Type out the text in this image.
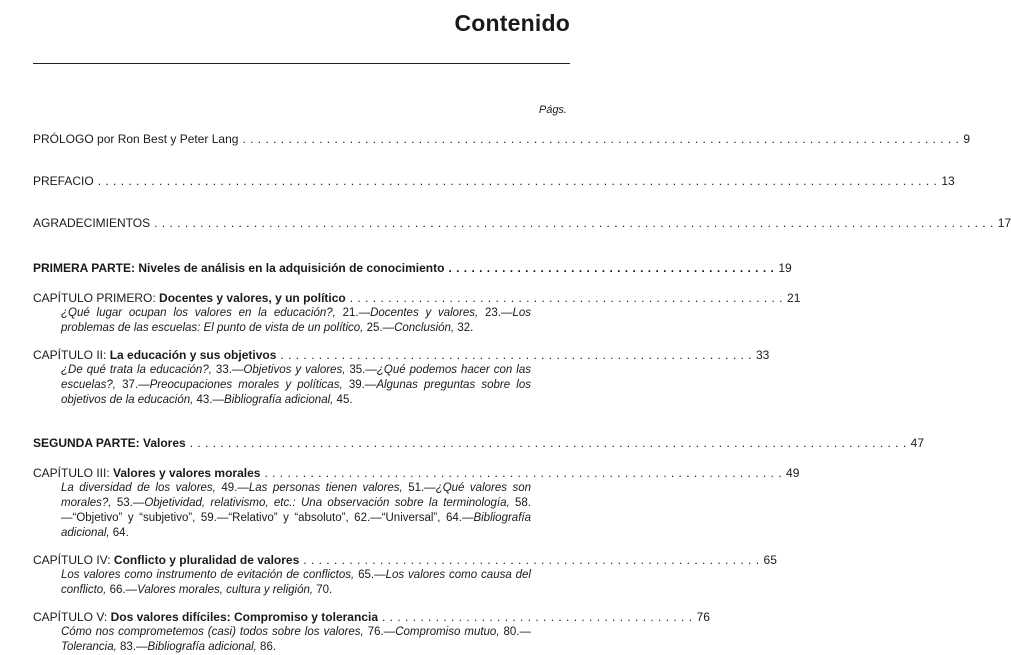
Contenido
Págs.
PRÓLOGO por Ron Best y Peter Lang . . . . . . . . . . . . . . . . . . . . . . . . . . . . . . . . . . . . . . . . . . . . . . . . . . . . . . . . . . . . . . . . . . . . . . . . . . . . . . . . . . . . . . . . . . . . . . 9
PREFACIO . . . . . . . . . . . . . . . . . . . . . . . . . . . . . . . . . . . . . . . . . . . . . . . . . . . . . . . . . . . . . . . . . . . . . . . . . . . . . . . . . . . . . . . . . . . . . . . . . . . . . . . . . . . . . . 13
AGRADECIMIENTOS . . . . . . . . . . . . . . . . . . . . . . . . . . . . . . . . . . . . . . . . . . . . . . . . . . . . . . . . . . . . . . . . . . . . . . . . . . . . . . . . . . . . . . . . . . . . . . . . . . . . . . . . . . . . . . 17
PRIMERA PARTE: Niveles de análisis en la adquisición de conocimiento . . . . . . . . . . . . . . . . . . . . . . . . . . . . . . . . . . . . . . . . . . . 19
CAPÍTULO PRIMERO: Docentes y valores, y un político . . . . . . . . . . . . . . . . . . . . . . . . . . . . . . . . . . . . . . . . . . . . . . . . . . . . . . . . . 21
¿Qué lugar ocupan los valores en la educación?, 21.—Docentes y valores, 23.—Los problemas de las escuelas: El punto de vista de un político, 25.—Conclusión, 32.
CAPÍTULO II: La educación y sus objetivos . . . . . . . . . . . . . . . . . . . . . . . . . . . . . . . . . . . . . . . . . . . . . . . . . . . . . . . . . . . . . . 33
¿De qué trata la educación?, 33.—Objetivos y valores, 35.—¿Qué podemos hacer con las escuelas?, 37.—Preocupaciones morales y políticas, 39.—Algunas preguntas sobre los objetivos de la educación, 43.—Bibliografía adicional, 45.
SEGUNDA PARTE: Valores . . . . . . . . . . . . . . . . . . . . . . . . . . . . . . . . . . . . . . . . . . . . . . . . . . . . . . . . . . . . . . . . . . . . . . . . . . . . . . . . . . . . . . . . . . . . . . 47
CAPÍTULO III: Valores y valores morales . . . . . . . . . . . . . . . . . . . . . . . . . . . . . . . . . . . . . . . . . . . . . . . . . . . . . . . . . . . . . . . . . . . . 49
La diversidad de los valores, 49.—Las personas tienen valores, 51.—¿Qué valores son morales?, 53.—Objetividad, relativismo, etc.: Una observación sobre la terminología, 58.—“Objetivo” y “subjetivo”, 59.—“Relativo” y “absoluto”, 62.—“Universal”, 64.—Bibliografía adicional, 64.
CAPÍTULO IV: Conflicto y pluralidad de valores . . . . . . . . . . . . . . . . . . . . . . . . . . . . . . . . . . . . . . . . . . . . . . . . . . . . . . . . . . . . 65
Los valores como instrumento de evitación de conflictos, 65.—Los valores como causa del conflicto, 66.—Valores morales, cultura y religión, 70.
CAPÍTULO V: Dos valores difíciles: Compromiso y tolerancia . . . . . . . . . . . . . . . . . . . . . . . . . . . . . . . . . . . . . . . . . 76
Cómo nos comprometemos (casi) todos sobre los valores, 76.—Compromiso mutuo, 80.—Tolerancia, 83.—Bibliografía adicional, 86.
